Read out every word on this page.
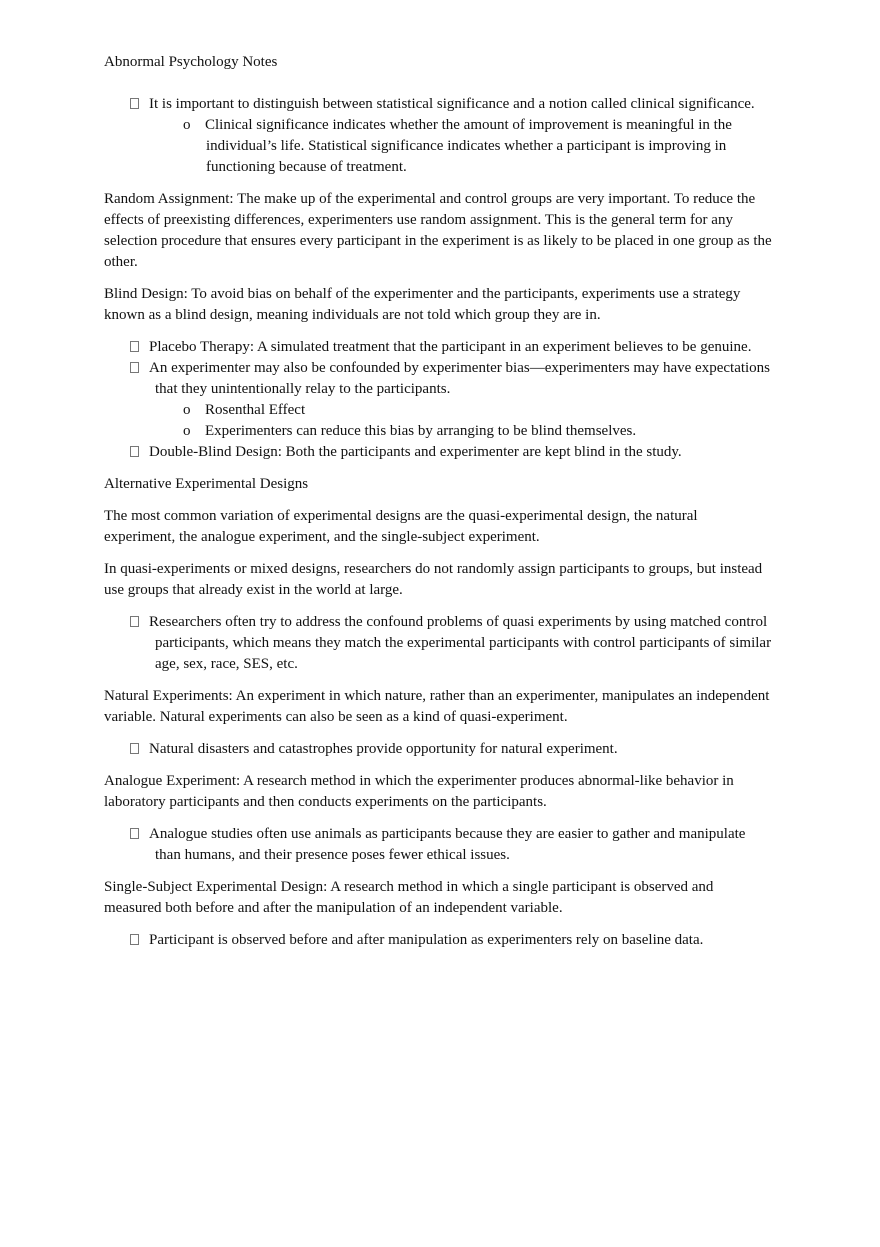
Abnormal Psychology Notes
It is important to distinguish between statistical significance and a notion called clinical significance.
o Clinical significance indicates whether the amount of improvement is meaningful in the individual’s life. Statistical significance indicates whether a participant is improving in functioning because of treatment.

Random Assignment: The make up of the experimental and control groups are very important. To reduce the effects of preexisting differences, experimenters use random assignment. This is the general term for any selection procedure that ensures every participant in the experiment is as likely to be placed in one group as the other.

Blind Design: To avoid bias on behalf of the experimenter and the participants, experiments use a strategy known as a blind design, meaning individuals are not told which group they are in.

Placebo Therapy: A simulated treatment that the participant in an experiment believes to be genuine.
An experimenter may also be confounded by experimenter bias—experimenters may have expectations that they unintentionally relay to the participants.
o Rosenthal Effect
o Experimenters can reduce this bias by arranging to be blind themselves.
Double-Blind Design: Both the participants and experimenter are kept blind in the study.

Alternative Experimental Designs

The most common variation of experimental designs are the quasi-experimental design, the natural experiment, the analogue experiment, and the single-subject experiment.

In quasi-experiments or mixed designs, researchers do not randomly assign participants to groups, but instead use groups that already exist in the world at large.

Researchers often try to address the confound problems of quasi experiments by using matched control participants, which means they match the experimental participants with control participants of similar age, sex, race, SES, etc.

Natural Experiments: An experiment in which nature, rather than an experimenter, manipulates an independent variable. Natural experiments can also be seen as a kind of quasi-experiment.

Natural disasters and catastrophes provide opportunity for natural experiment.

Analogue Experiment: A research method in which the experimenter produces abnormal-like behavior in laboratory participants and then conducts experiments on the participants.

Analogue studies often use animals as participants because they are easier to gather and manipulate than humans, and their presence poses fewer ethical issues.

Single-Subject Experimental Design: A research method in which a single participant is observed and measured both before and after the manipulation of an independent variable.

Participant is observed before and after manipulation as experimenters rely on baseline data.
